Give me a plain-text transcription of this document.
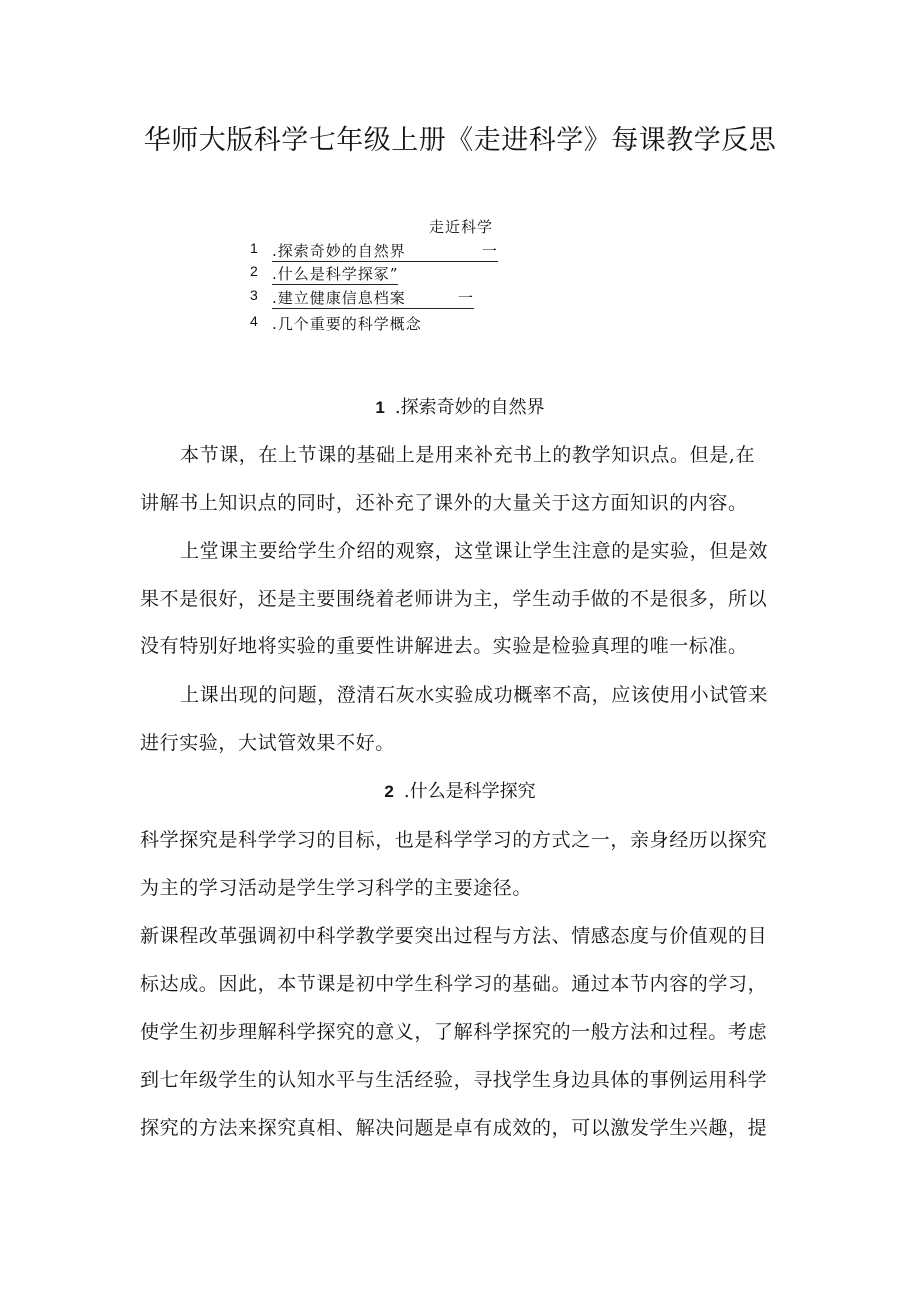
华师大版科学七年级上册《走进科学》每课教学反思
走近科学
1 .探索奇妙的自然界	一
2 .什么是科学探冢”
3 .建立健康信息档案	一
4 .几个重要的科学概念
1 .探索奇妙的自然界
本节课，在上节课的基础上是用来补充书上的教学知识点。但是,在
讲解书上知识点的同时，还补充了课外的大量关于这方面知识的内容。
上堂课主要给学生介绍的观察，这堂课让学生注意的是实验，但是效
果不是很好，还是主要围绕着老师讲为主，学生动手做的不是很多，所以
没有特别好地将实验的重要性讲解进去。实验是检验真理的唯一标准。
上课出现的问题，澄清石灰水实验成功概率不高，应该使用小试管来
进行实验，大试管效果不好。
2 .什么是科学探究
科学探究是科学学习的目标，也是科学学习的方式之一，亲身经历以探究
为主的学习活动是学生学习科学的主要途径。
新课程改革强调初中科学教学要突出过程与方法、情感态度与价值观的目
标达成。因此，本节课是初中学生科学习的基础。通过本节内容的学习，
使学生初步理解科学探究的意义，了解科学探究的一般方法和过程。考虑
到七年级学生的认知水平与生活经验，寻找学生身边具体的事例运用科学
探究的方法来探究真相、解决问题是卓有成效的，可以激发学生兴趣，提
